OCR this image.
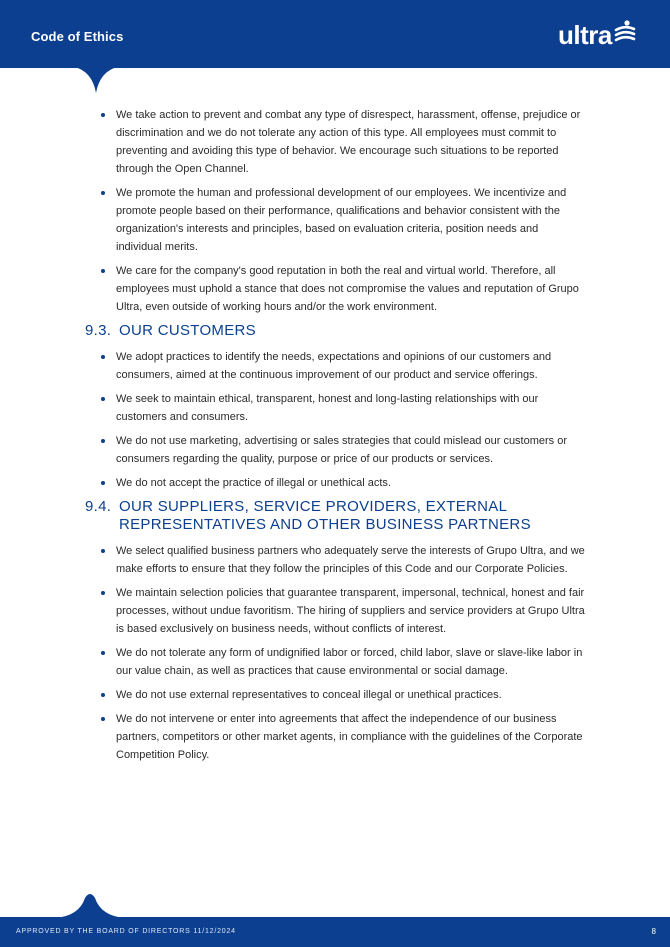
Code of Ethics	ultra
We take action to prevent and combat any type of disrespect, harassment, offense, prejudice or discrimination and we do not tolerate any action of this type. All employees must commit to preventing and avoiding this type of behavior. We encourage such situations to be reported through the Open Channel.
We promote the human and professional development of our employees. We incentivize and promote people based on their performance, qualifications and behavior consistent with the organization's interests and principles, based on evaluation criteria, position needs and individual merits.
We care for the company's good reputation in both the real and virtual world. Therefore, all employees must uphold a stance that does not compromise the values and reputation of Grupo Ultra, even outside of working hours and/or the work environment.
9.3. OUR CUSTOMERS
We adopt practices to identify the needs, expectations and opinions of our customers and consumers, aimed at the continuous improvement of our product and service offerings.
We seek to maintain ethical, transparent, honest and long-lasting relationships with our customers and consumers.
We do not use marketing, advertising or sales strategies that could mislead our customers or consumers regarding the quality, purpose or price of our products or services.
We do not accept the practice of illegal or unethical acts.
9.4. OUR SUPPLIERS, SERVICE PROVIDERS, EXTERNAL REPRESENTATIVES AND OTHER BUSINESS PARTNERS
We select qualified business partners who adequately serve the interests of Grupo Ultra, and we make efforts to ensure that they follow the principles of this Code and our Corporate Policies.
We maintain selection policies that guarantee transparent, impersonal, technical, honest and fair processes, without undue favoritism. The hiring of suppliers and service providers at Grupo Ultra is based exclusively on business needs, without conflicts of interest.
We do not tolerate any form of undignified labor or forced, child labor, slave or slave-like labor in our value chain, as well as practices that cause environmental or social damage.
We do not use external representatives to conceal illegal or unethical practices.
We do not intervene or enter into agreements that affect the independence of our business partners, competitors or other market agents, in compliance with the guidelines of the Corporate Competition Policy.
APPROVED BY THE BOARD OF DIRECTORS 11/12/2024	8
